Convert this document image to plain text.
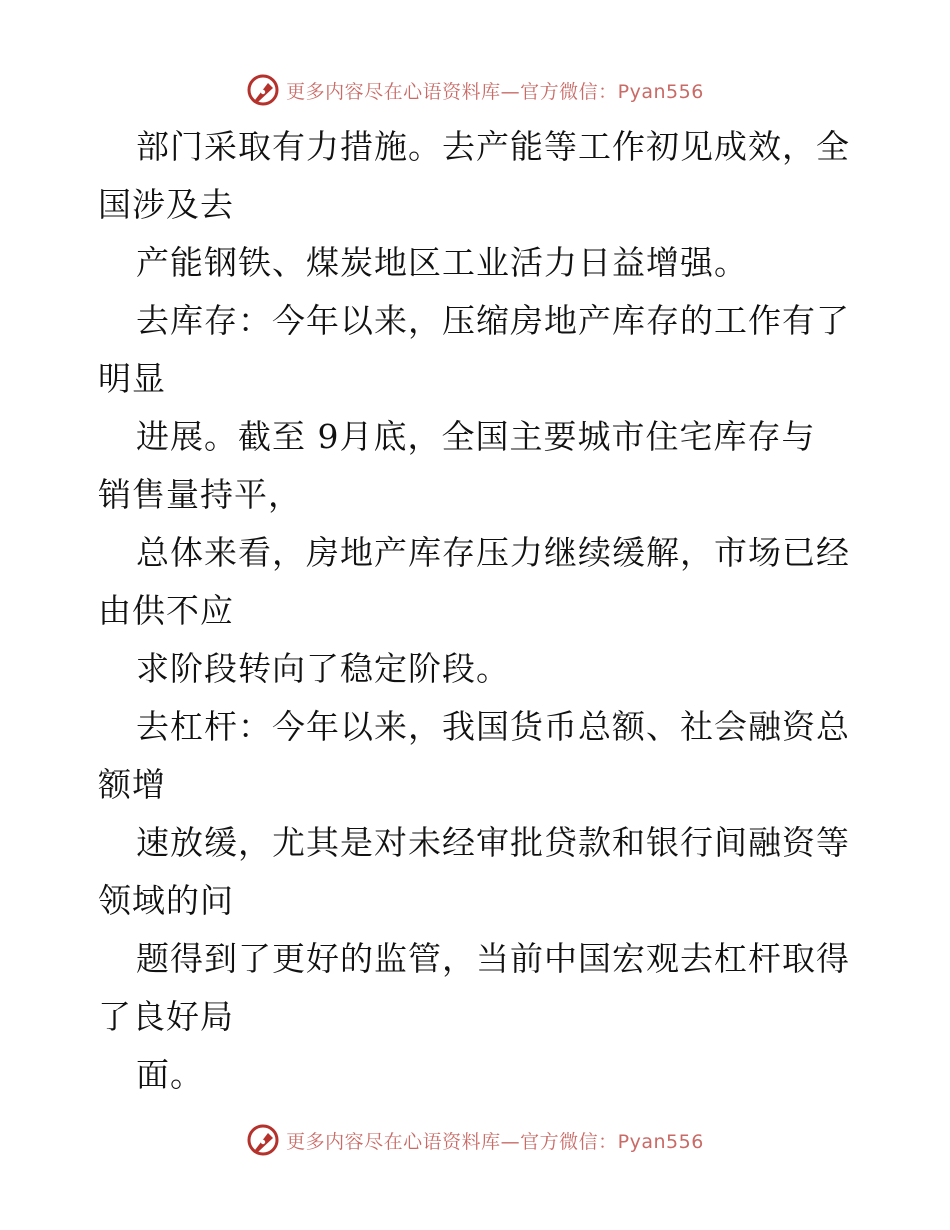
更多内容尽在心语资料库—官方微信：Pyan556
部门采取有力措施。去产能等工作初见成效，全
国涉及去
产能钢铁、煤炭地区工业活力日益增强。
去库存：今年以来，压缩房地产库存的工作有了
明显
进展。截至 9月底，全国主要城市住宅库存与
销售量持平，
总体来看，房地产库存压力继续缓解，市场已经
由供不应
求阶段转向了稳定阶段。
去杠杆：今年以来，我国货币总额、社会融资总
额增
速放缓，尤其是对未经审批贷款和银行间融资等
领域的问
题得到了更好的监管，当前中国宏观去杠杆取得
了良好局
面。
更多内容尽在心语资料库—官方微信：Pyan556
